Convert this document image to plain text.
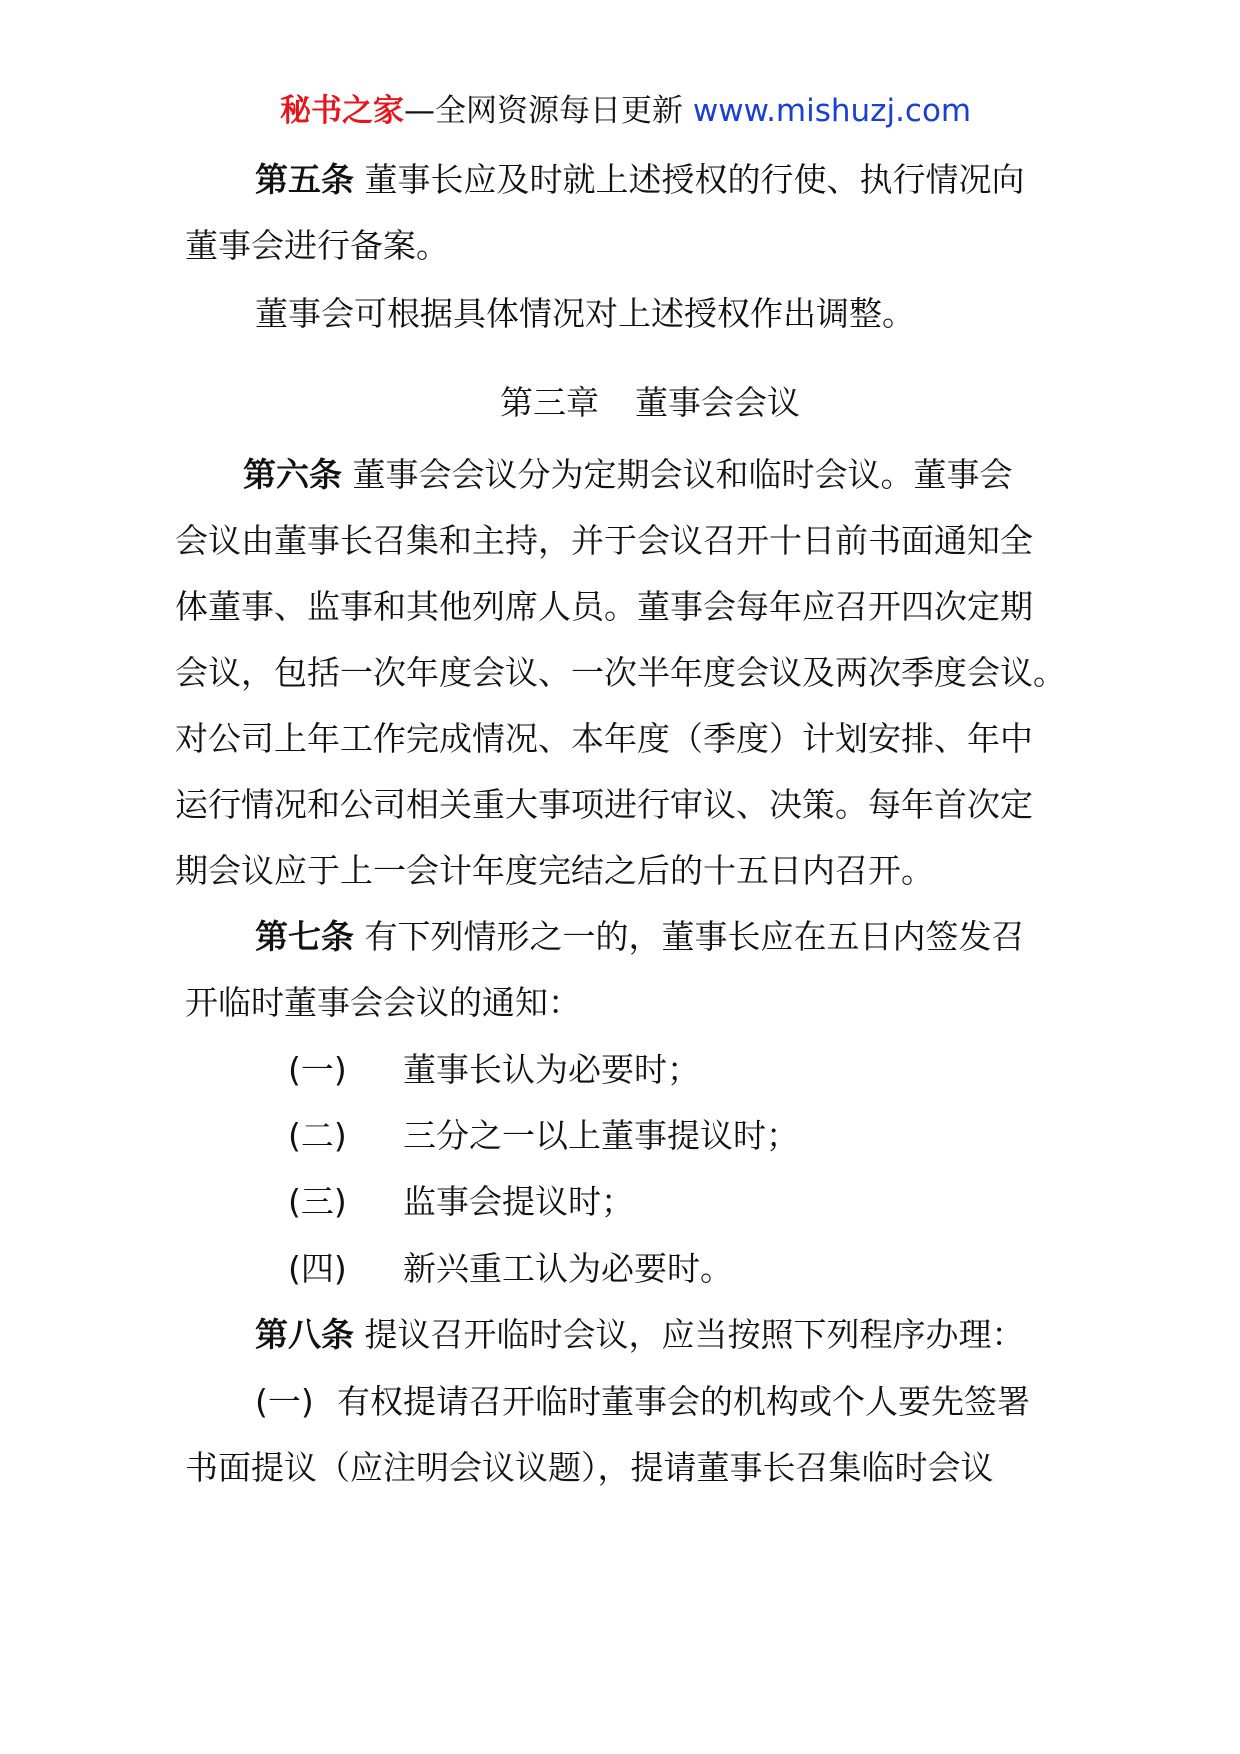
秘书之家—全网资源每日更新 www.mishuzj.com
第五条 董事长应及时就上述授权的行使、执行情况向
董事会进行备案。
董事会可根据具体情况对上述授权作出调整。
第三章 董事会会议
第六条 董事会会议分为定期会议和临时会议。董事会
会议由董事长召集和主持，并于会议召开十日前书面通知全
体董事、监事和其他列席人员。董事会每年应召开四次定期
会议，包括一次年度会议、一次半年度会议及两次季度会议。
对公司上年工作完成情况、本年度（季度）计划安排、年中
运行情况和公司相关重大事项进行审议、决策。每年首次定
期会议应于上一会计年度完结之后的十五日内召开。
第七条 有下列情形之一的，董事长应在五日内签发召
开临时董事会会议的通知：
(一) 董事长认为必要时；
(二) 三分之一以上董事提议时；
(三) 监事会提议时；
(四) 新兴重工认为必要时。
第八条 提议召开临时会议，应当按照下列程序办理：
(一) 有权提请召开临时董事会的机构或个人要先签署
书面提议（应注明会议议题），提请董事长召集临时会议
